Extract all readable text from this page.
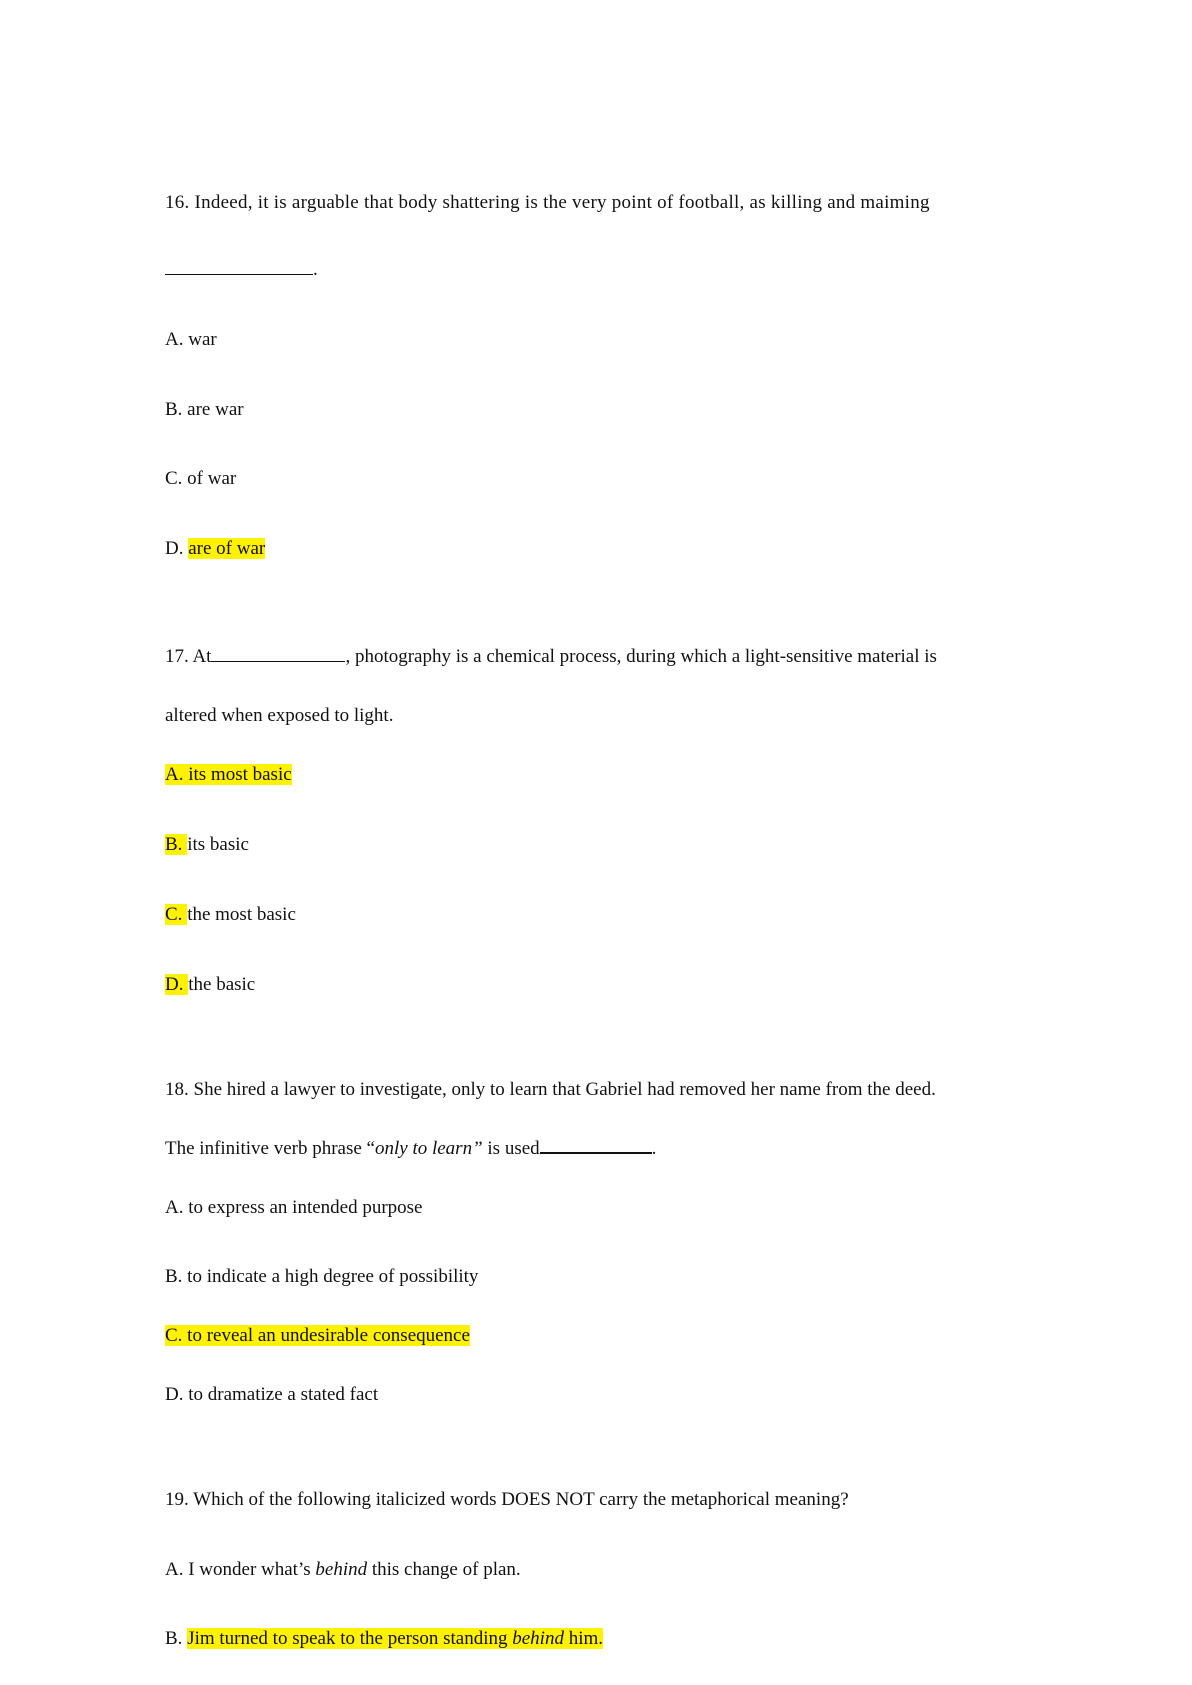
16. Indeed, it is arguable that body shattering is the very point of football, as killing and maiming
.
A. war
B. are war
C. of war
D. are of war
17. At	, photography is a chemical process, during which a light-sensitive material is
altered when exposed to light.
A. its most basic
B. its basic
C. the most basic
D. the basic
18. She hired a lawyer to investigate, only to learn that Gabriel had removed her name from the deed.
The infinitive verb phrase “only to learn” is used	.
A. to express an intended purpose
B. to indicate a high degree of possibility
C. to reveal an undesirable consequence
D. to dramatize a stated fact
19. Which of the following italicized words DOES NOT carry the metaphorical meaning?
A. I wonder what’s behind this change of plan.
B. Jim turned to speak to the person standing behind him.
